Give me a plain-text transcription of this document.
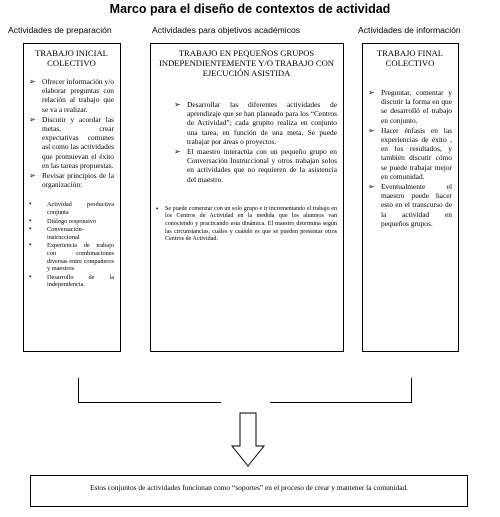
Marco para el diseño de contextos de actividad
Actividades de preparación	Actividades para objetivos académicos	Actividades de información
TRABAJO INICIAL COLECTIVO
➢ Ofrecer información y/o elaborar preguntas con relación al trabajo que se va a realizar.
➢ Discutir y acordar las metas, crear expectativas comunes así como las actividades que promuevan el éxito en las tareas propuestas.
➢ Revisar principios de la organización:
• Actividad productiva conjunta
• Diálogo responsivo
• Conversación-instruccional
• Experiencia de trabajo con combinaciones diversas entre compañeros y maestros
• Desarrollo de la independencia.
TRABAJO EN PEQUEÑOS GRUPOS INDEPENDIENTEMENTE Y/O TRABAJO CON EJECUCIÓN ASISTIDA
➢ Desarrollar las diferentes actividades de aprendizaje que se han planeado para los “Centros de Actividad”; cada grupito realiza en conjunto una tarea, en función de una meta. Se puede trabajar por áreas o proyectos.
➢ El maestro interactúa con un pequeño grupo en Conversación Instruccional y otros trabajan solos en actividades que no requieren de la asistencia del maestro.
• Se puede comenzar con un solo grupo e ir incrementando el trabajo en los Centros de Actividad en la medida que los alumnos van conociendo y practicando esta dinámica. El maestro determina según las circunstancias, cuáles y cuándo es que se pueden presentar otros Centros de Actividad.
TRABAJO FINAL COLECTIVO
➢ Preguntar, comentar y discutir la forma en que se desarrolló el trabajo en conjunto.
➢ Hacer énfasis en las experiencias de éxito , en los resultados, y también discutir cómo se puede trabajar mejor en comunidad.
➢ Eventualmente el maestro puede hacer esto en el transcurso de la actividad en pequeños grupos.
Estos conjuntos de actividades funcionan como “soportes” en el proceso de crear y mantener la comunidad.
